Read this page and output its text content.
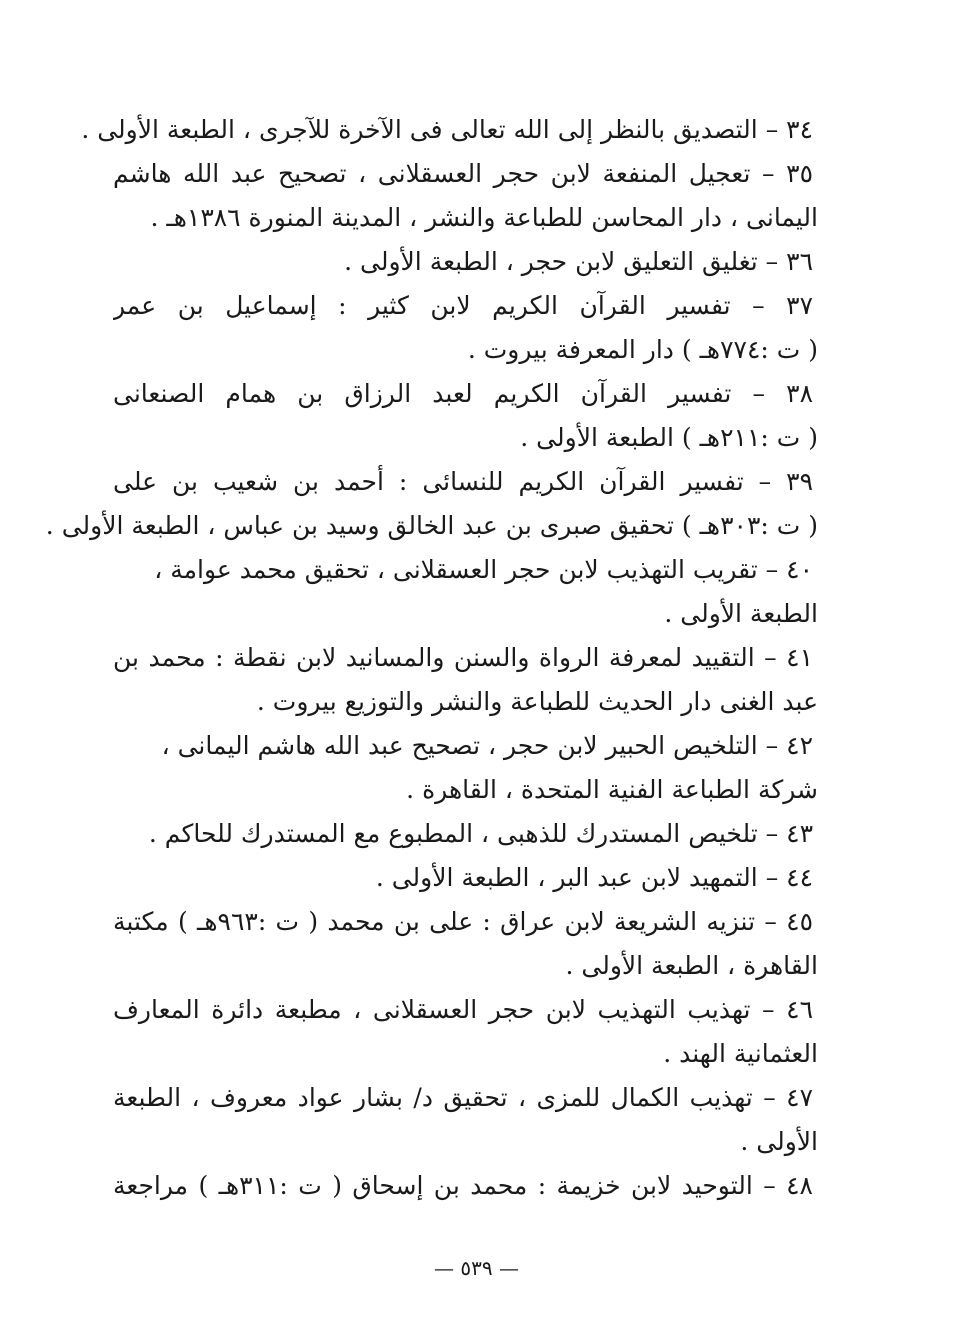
٣٤ – التصديق بالنظر إلى الله تعالى فى الآخرة للآجرى ، الطبعة الأولى .
٣٥ – تعجيل المنفعة لابن حجر العسقلانى ، تصحيح عبد الله هاشم
اليمانى ، دار المحاسن للطباعة والنشر ، المدينة المنورة ١٣٨٦هـ .
٣٦ – تغليق التعليق لابن حجر ، الطبعة الأولى .
٣٧ – تفسير القرآن الكريم لابن كثير : إسماعيل بن عمر
( ت :٧٧٤هـ ) دار المعرفة بيروت .
٣٨ – تفسير القرآن الكريم لعبد الرزاق بن همام الصنعانى
( ت :٢١١هـ ) الطبعة الأولى .
٣٩ – تفسير القرآن الكريم للنسائى : أحمد بن شعيب بن على
( ت :٣٠٣هـ ) تحقيق صبرى بن عبد الخالق وسيد بن عباس ، الطبعة الأولى .
٤٠ – تقريب التهذيب لابن حجر العسقلانى ، تحقيق محمد عوامة ،
الطبعة الأولى .
٤١ – التقييد لمعرفة الرواة والسنن والمسانيد لابن نقطة : محمد بن
عبد الغنى دار الحديث للطباعة والنشر والتوزيع بيروت .
٤٢ – التلخيص الحبير لابن حجر ، تصحيح عبد الله هاشم اليمانى ،
شركة الطباعة الفنية المتحدة ، القاهرة .
٤٣ – تلخيص المستدرك للذهبى ، المطبوع مع المستدرك للحاكم .
٤٤ – التمهيد لابن عبد البر ، الطبعة الأولى .
٤٥ – تنزيه الشريعة لابن عراق : على بن محمد ( ت :٩٦٣هـ ) مكتبة
القاهرة ، الطبعة الأولى .
٤٦ – تهذيب التهذيب لابن حجر العسقلانى ، مطبعة دائرة المعارف
العثمانية الهند .
٤٧ – تهذيب الكمال للمزى ، تحقيق د/ بشار عواد معروف ، الطبعة
الأولى .
٤٨ – التوحيد لابن خزيمة : محمد بن إسحاق ( ت :٣١١هـ ) مراجعة
— ٥٣٩ —
